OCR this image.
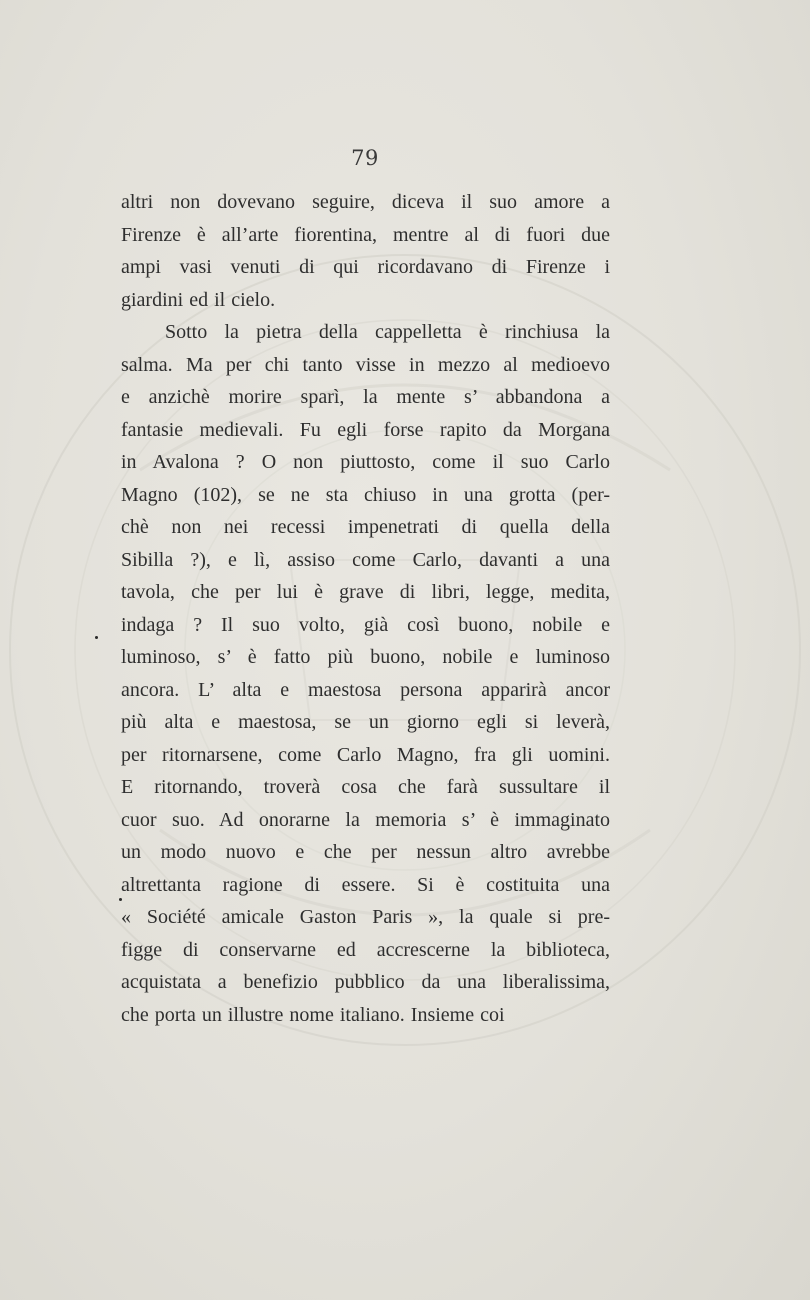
79
altri non dovevano seguire, diceva il suo amore a
Firenze è all’arte fiorentina, mentre al di fuori due
ampi vasi venuti di qui ricordavano di Firenze i
giardini ed il cielo.
Sotto la pietra della cappelletta è rinchiusa la
salma. Ma per chi tanto visse in mezzo al medioevo
e anzichè morire sparì, la mente s’ abbandona a
fantasie medievali. Fu egli forse rapito da Morgana
in Avalona ? O non piuttosto, come il suo Carlo
Magno (102), se ne sta chiuso in una grotta (per-
chè non nei recessi impenetrati di quella della
Sibilla ?), e lì, assiso come Carlo, davanti a una
tavola, che per lui è grave di libri, legge, medita,
indaga ? Il suo volto, già così buono, nobile e
luminoso, s’ è fatto più buono, nobile e luminoso
ancora. L’ alta e maestosa persona apparirà ancor
più alta e maestosa, se un giorno egli si leverà,
per ritornarsene, come Carlo Magno, fra gli uomini.
E ritornando, troverà cosa che farà sussultare il
cuor suo. Ad onorarne la memoria s’ è immaginato
un modo nuovo e che per nessun altro avrebbe
altrettanta ragione di essere. Si è costituita una
« Société amicale Gaston Paris », la quale si pre-
figge di conservarne ed accrescerne la biblioteca,
acquistata a benefizio pubblico da una liberalissima,
che porta un illustre nome italiano. Insieme coi
